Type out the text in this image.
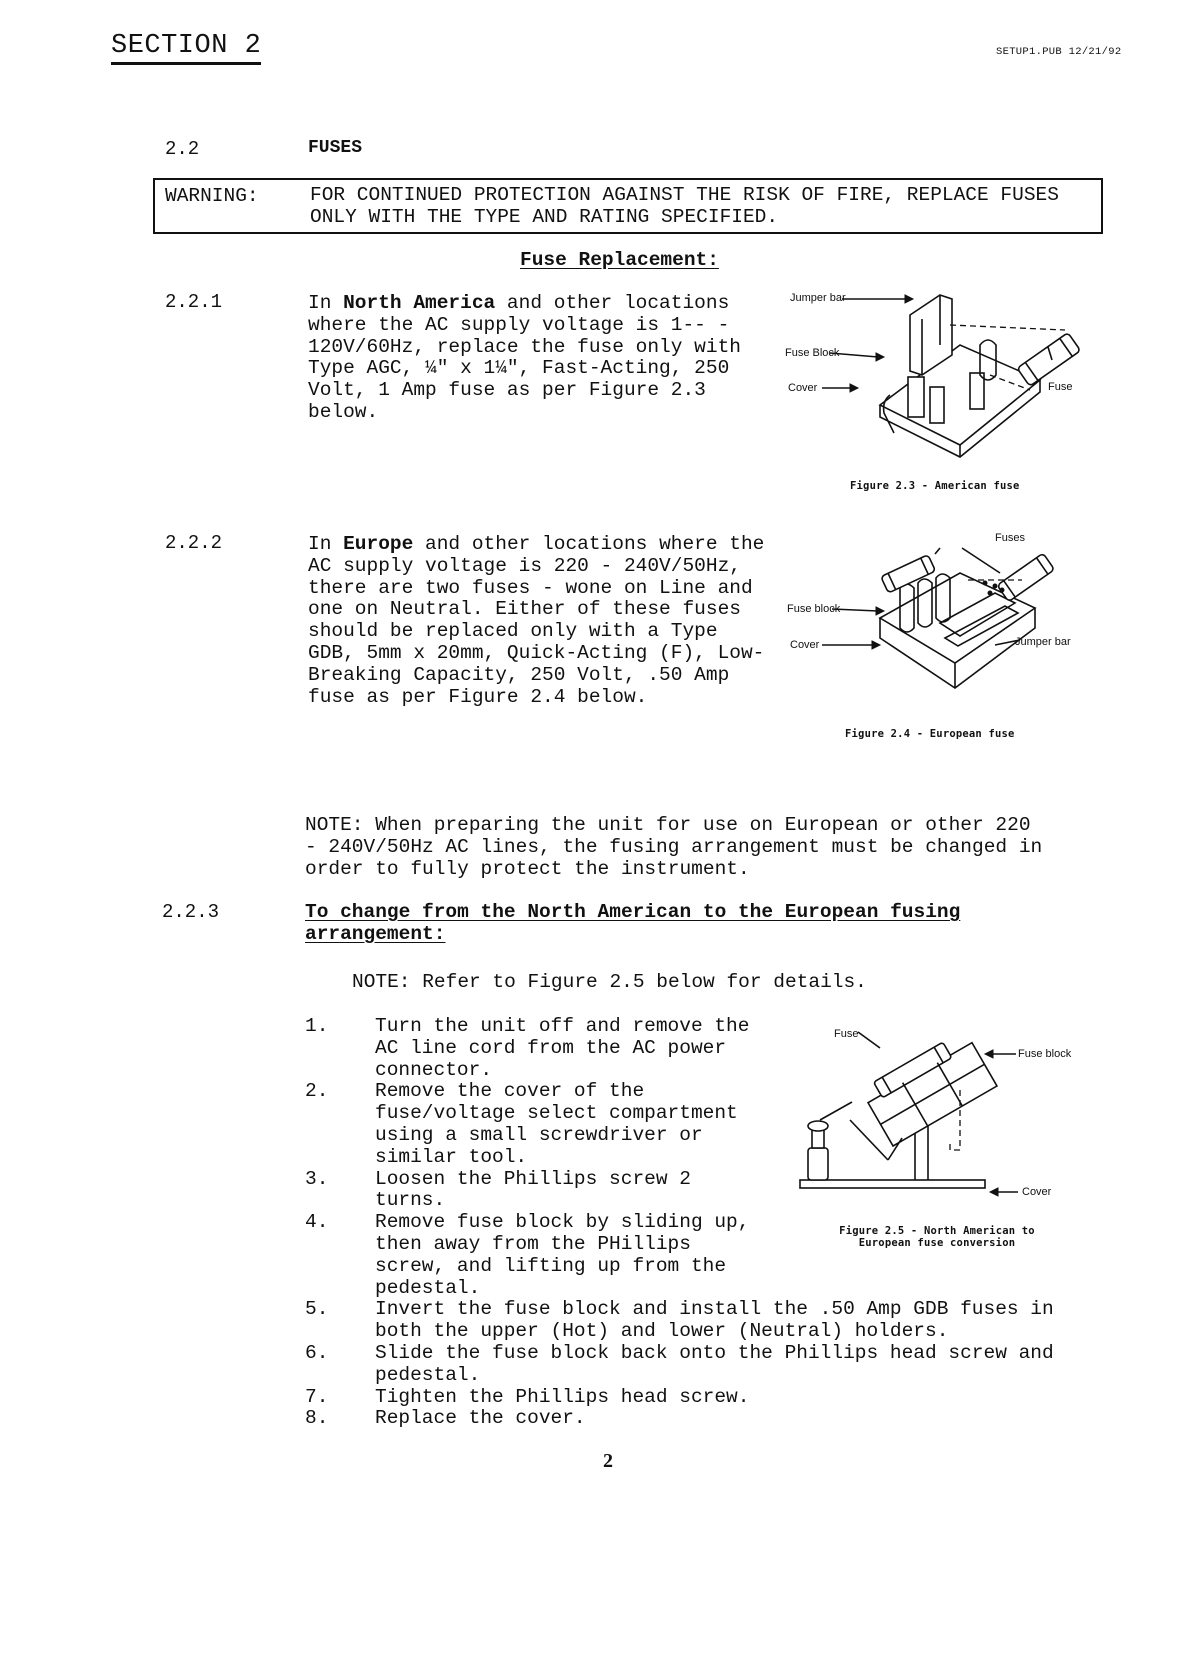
SECTION 2	SETUP1.PUB 12/21/92
2.2	FUSES
WARNING:	FOR CONTINUED PROTECTION AGAINST THE RISK OF FIRE, REPLACE FUSES ONLY WITH THE TYPE AND RATING SPECIFIED.
Fuse Replacement:
2.2.1	In North America and other locations
where the AC supply voltage is 1-- -
120V/60Hz, replace the fuse only with
Type AGC, ¼" x 1¼", Fast-Acting, 250
Volt, 1 Amp fuse as per Figure 2.3
below.
Jumper bar
Fuse Block
Cover	Fuse
Figure 2.3 - American fuse
2.2.2	In Europe and other locations where the
AC supply voltage is 220 - 240V/50Hz,
there are two fuses - wone on Line and
one on Neutral. Either of these fuses
should be replaced only with a Type
GDB, 5mm x 20mm, Quick-Acting (F), Low-
Breaking Capacity, 250 Volt, .50 Amp
fuse as per Figure 2.4 below.
Fuses
Fuse block
Cover	Jumper bar
Figure 2.4 - European fuse
NOTE: When preparing the unit for use on European or other 220
- 240V/50Hz AC lines, the fusing arrangement must be changed in
order to fully protect the instrument.
2.2.3	To change from the North American to the European fusing
arrangement:
NOTE: Refer to Figure 2.5 below for details.
1. Turn the unit off and remove the
AC line cord from the AC power
connector.
2. Remove the cover of the
fuse/voltage select compartment
using a small screwdriver or
similar tool.
3. Loosen the Phillips screw 2
turns.
4. Remove fuse block by sliding up,
then away from the PHillips
screw, and lifting up from the
pedestal.
5. Invert the fuse block and install the .50 Amp GDB fuses in
both the upper (Hot) and lower (Neutral) holders.
6. Slide the fuse block back onto the Phillips head screw and
pedestal.
7. Tighten the Phillips head screw.
8. Replace the cover.
Fuse
Fuse block
Cover
Figure 2.5 - North American to
European fuse conversion
2
